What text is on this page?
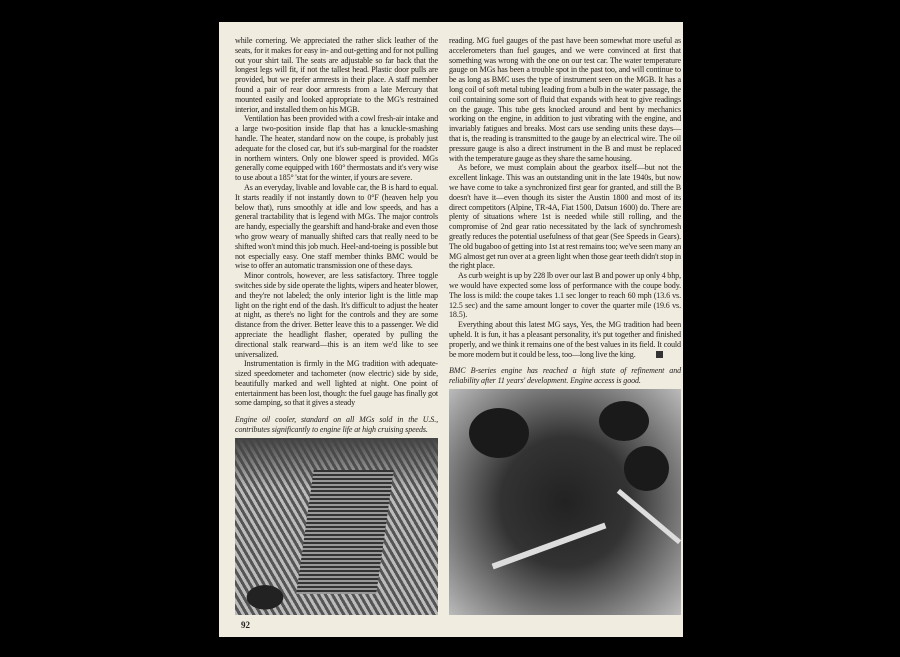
while cornering. We appreciated the rather slick leather of the seats, for it makes for easy in- and out-getting and for not pulling out your shirt tail. The seats are adjustable so far back that the longest legs will fit, if not the tallest head. Plastic door pulls are provided, but we prefer armrests in their place. A staff member found a pair of rear door armrests from a late Mercury that mounted easily and looked appropriate to the MG's restrained interior, and installed them on his MGB.

Ventilation has been provided with a cowl fresh-air intake and a large two-position inside flap that has a knuckle-smashing handle. The heater, standard now on the coupe, is probably just adequate for the closed car, but it's sub-marginal for the roadster in northern winters. Only one blower speed is provided. MGs generally come equipped with 160° thermostats and it's very wise to use about a 185° 'stat for the winter, if yours are severe.

As an everyday, livable and lovable car, the B is hard to equal. It starts readily if not instantly down to 0°F (heaven help you below that), runs smoothly at idle and low speeds, and has a general tractability that is legend with MGs. The major controls are handy, especially the gearshift and hand-brake and even those who grow weary of manually shifted cars that really need to be shifted won't mind this job much. Heel-and-toeing is possible but not especially easy. One staff member thinks BMC would be wise to offer an automatic transmission one of these days.

Minor controls, however, are less satisfactory. Three toggle switches side by side operate the lights, wipers and heater blower, and they're not labeled; the only interior light is the little map light on the right end of the dash. It's difficult to adjust the heater at night, as there's no light for the controls and they are some distance from the driver. Better leave this to a passenger. We did appreciate the headlight flasher, operated by pulling the directional stalk rearward—this is an item we'd like to see universalized.

Instrumentation is firmly in the MG tradition with adequate-sized speedometer and tachometer (now electric) side by side, beautifully marked and well lighted at night. One point of entertainment has been lost, though: the fuel gauge has finally got some damping, so that it gives a steady

Engine oil cooler, standard on all MGs sold in the U.S., contributes significantly to engine life at high cruising speeds.

reading. MG fuel gauges of the past have been somewhat more useful as accelerometers than fuel gauges, and we were convinced at first that something was wrong with the one on our test car. The water temperature gauge on MGs has been a trouble spot in the past too, and will continue to be as long as BMC uses the type of instrument seen on the MGB. It has a long coil of soft metal tubing leading from a bulb in the water passage, the coil containing some sort of fluid that expands with heat to give readings on the gauge. This tube gets knocked around and bent by mechanics working on the engine, in addition to just vibrating with the engine, and invariably fatigues and breaks. Most cars use sending units these days—that is, the reading is transmitted to the gauge by an electrical wire. The oil pressure gauge is also a direct instrument in the B and must be replaced with the temperature gauge as they share the same housing.

As before, we must complain about the gearbox itself—but not the excellent linkage. This was an outstanding unit in the late 1940s, but now we have come to take a synchronized first gear for granted, and still the B doesn't have it—even though its sister the Austin 1800 and most of its direct competitors (Alpine, TR-4A, Fiat 1500, Datsun 1600) do. There are plenty of situations where 1st is needed while still rolling, and the compromise of 2nd gear ratio necessitated by the lack of synchromesh greatly reduces the potential usefulness of that gear (See Speeds in Gears). The old bugaboo of getting into 1st at rest remains too; we've seen many an MG almost get run over at a green light when those gear teeth didn't stop in the right place.

As curb weight is up by 228 lb over our last B and power up only 4 bhp, we would have expected some loss of performance with the coupe body. The loss is mild: the coupe takes 1.1 sec longer to reach 60 mph (13.6 vs. 12.5 sec) and the same amount longer to cover the quarter mile (19.6 vs. 18.5).

Everything about this latest MG says, Yes, the MG tradition had been upheld. It is fun, it has a pleasant personality, it's put together and finished properly, and we think it remains one of the best values in its field. It could be more modern but it could be less, too—long live the king.

BMC B-series engine has reached a high state of refinement and reliability after 11 years' development. Engine access is good.
92
